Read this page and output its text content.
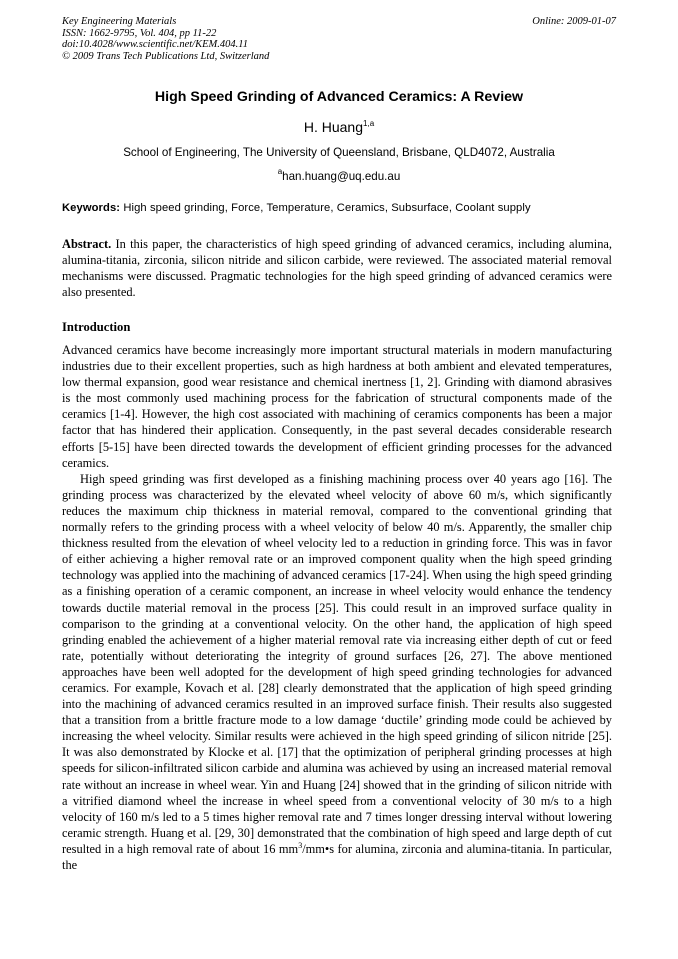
Key Engineering Materials
ISSN: 1662-9795, Vol. 404, pp 11-22
doi:10.4028/www.scientific.net/KEM.404.11
© 2009 Trans Tech Publications Ltd, Switzerland
Online: 2009-01-07
High Speed Grinding of Advanced Ceramics: A Review
H. Huang$^{1,a}$
School of Engineering, The University of Queensland, Brisbane, QLD4072, Australia
$^a$han.huang@uq.edu.au
Keywords: High speed grinding, Force, Temperature, Ceramics, Subsurface, Coolant supply
Abstract. In this paper, the characteristics of high speed grinding of advanced ceramics, including alumina, alumina-titania, zirconia, silicon nitride and silicon carbide, were reviewed. The associated material removal mechanisms were discussed. Pragmatic technologies for the high speed grinding of advanced ceramics were also presented.
Introduction

Advanced ceramics have become increasingly more important structural materials in modern manufacturing industries due to their excellent properties, such as high hardness at both ambient and elevated temperatures, low thermal expansion, good wear resistance and chemical inertness [1, 2]. Grinding with diamond abrasives is the most commonly used machining process for the fabrication of structural components made of the ceramics [1-4]. However, the high cost associated with machining of ceramics components has been a major factor that has hindered their application. Consequently, in the past several decades considerable research efforts [5-15] have been directed towards the development of efficient grinding processes for the advanced ceramics.

High speed grinding was first developed as a finishing machining process over 40 years ago [16]. The grinding process was characterized by the elevated wheel velocity of above 60 m/s, which significantly reduces the maximum chip thickness in material removal, compared to the conventional grinding that normally refers to the grinding process with a wheel velocity of below 40 m/s. Apparently, the smaller chip thickness resulted from the elevation of wheel velocity led to a reduction in grinding force. This was in favor of either achieving a higher removal rate or an improved component quality when the high speed grinding technology was applied into the machining of advanced ceramics [17-24]. When using the high speed grinding as a finishing operation of a ceramic component, an increase in wheel velocity would enhance the tendency towards ductile material removal in the process [25]. This could result in an improved surface quality in comparison to the grinding at a conventional velocity. On the other hand, the application of high speed grinding enabled the achievement of a higher material removal rate via increasing either depth of cut or feed rate, potentially without deteriorating the integrity of ground surfaces [26, 27]. The above mentioned approaches have been well adopted for the development of high speed grinding technologies for advanced ceramics. For example, Kovach et al. [28] clearly demonstrated that the application of high speed grinding into the machining of advanced ceramics resulted in an improved surface finish. Their results also suggested that a transition from a brittle fracture mode to a low damage ‘ductile’ grinding mode could be achieved by increasing the wheel velocity. Similar results were achieved in the high speed grinding of silicon nitride [25]. It was also demonstrated by Klocke et al. [17] that the optimization of peripheral grinding processes at high speeds for silicon-infiltrated silicon carbide and alumina was achieved by using an increased material removal rate without an increase in wheel wear. Yin and Huang [24] showed that in the grinding of silicon nitride with a vitrified diamond wheel the increase in wheel speed from a conventional velocity of 30 m/s to a high velocity of 160 m/s led to a 5 times higher removal rate and 7 times longer dressing interval without lowering ceramic strength. Huang et al. [29, 30] demonstrated that the combination of high speed and large depth of cut resulted in a high removal rate of about 16 $mm^3/mm•s$ for alumina, zirconia and alumina-titania. In particular, the
